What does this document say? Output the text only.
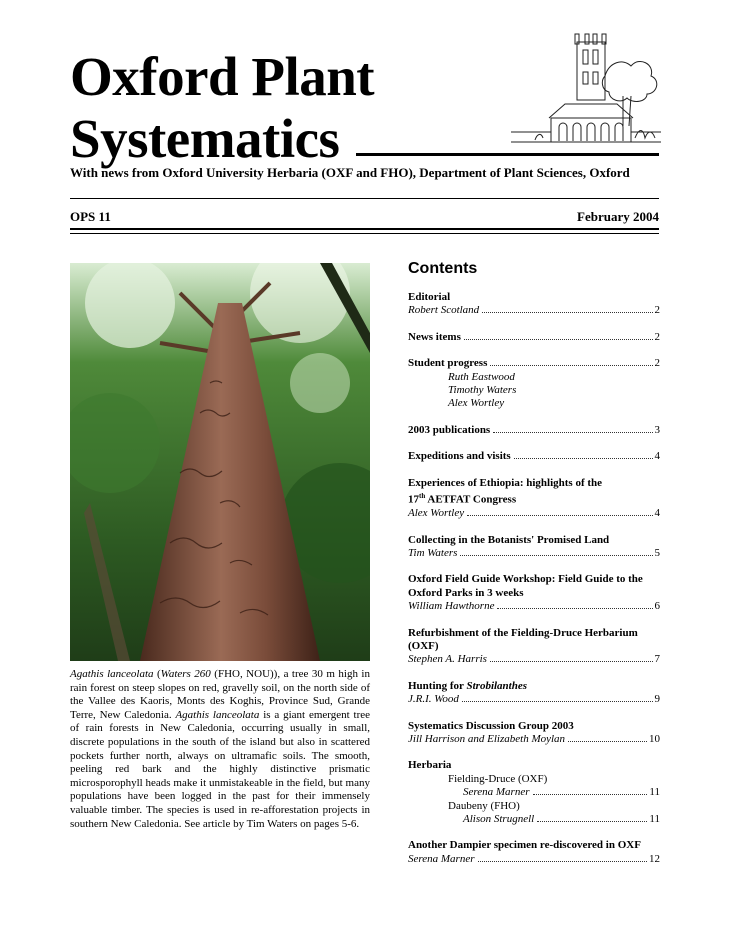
Oxford Plant
Systematics
With news from Oxford University Herbaria (OXF and FHO), Department of Plant Sciences, Oxford
OPS 11	February 2004
Agathis lanceolata (Waters 260 (FHO, NOU)), a tree 30 m high in rain forest on steep slopes on red, gravelly soil, on the north side of the Vallee des Kaoris, Monts des Koghis, Province Sud, Grande Terre, New Caledonia. Agathis lanceolata is a giant emergent tree of rain forests in New Caledonia, occurring usually in small, discrete populations in the south of the island but also in scattered pockets further north, always on ultramafic soils. The smooth, peeling red bark and the highly distinctive prismatic microsporophyll heads make it unmistakeable in the field, but many populations have been logged in the past for their immensely valuable timber. The species is used in re-afforestation projects in southern New Caledonia. See article by Tim Waters on pages 5-6.
Contents
Editorial
Robert Scotland	2
News items	2
Student progress	2
Ruth Eastwood
Timothy Waters
Alex Wortley
2003 publications	3
Expeditions and visits	4
Experiences of Ethiopia: highlights of the
17th AETFAT Congress
Alex Wortley	4
Collecting in the Botanists' Promised Land
Tim Waters	5
Oxford Field Guide Workshop: Field Guide to the Oxford Parks in 3 weeks
William Hawthorne	6
Refurbishment of the Fielding-Druce Herbarium (OXF)
Stephen A. Harris	7
Hunting for Strobilanthes
J.R.I. Wood	9
Systematics Discussion Group 2003
Jill Harrison and Elizabeth Moylan	10
Herbaria
Fielding-Druce (OXF)
Serena Marner	11
Daubeny (FHO)
Alison Strugnell	11
Another Dampier specimen re-discovered in OXF
Serena Marner	12
